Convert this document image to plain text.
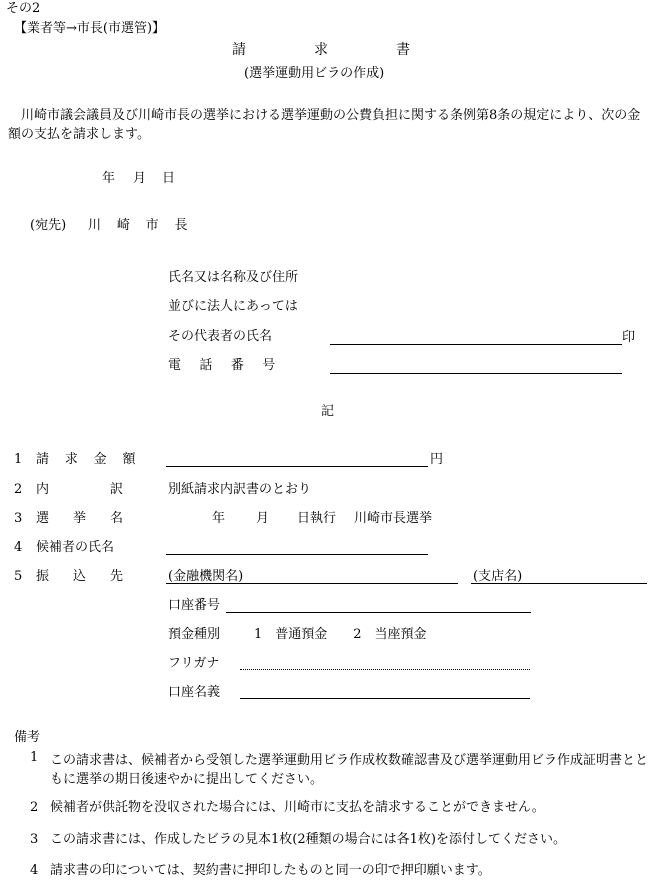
その2
【業者等→市長(市選管)】
請	求	書
(選挙運動用ビラの作成)
川崎市議会議員及び川崎市長の選挙における選挙運動の公費負担に関する条例第8条の規定により、次の金額の支払を請求します。
年 月 日
(宛先) 川 崎 市 長
氏名又は名称及び住所
並びに法人にあっては
その代表者の氏名	印
電 話 番 号
記
1 請 求 金 額	円
2 内	訳	別紙請求内訳書のとおり
3 選 挙 名	年 月 日執行 川崎市長選挙
4 候補者の氏名
5 振 込 先	(金融機関名)	(支店名)
口座番号
預金種別	1　普通預金　　2　当座預金
フリガナ
口座名義
備考
1 この請求書は、候補者から受領した選挙運動用ビラ作成枚数確認書及び選挙運動用ビラ作成証明書とともに選挙の期日後速やかに提出してください。
2 候補者が供託物を没収された場合には、川崎市に支払を請求することができません。
3 この請求書には、作成したビラの見本1枚(2種類の場合には各1枚)を添付してください。
4 請求書の印については、契約書に押印したものと同一の印で押印願います。
